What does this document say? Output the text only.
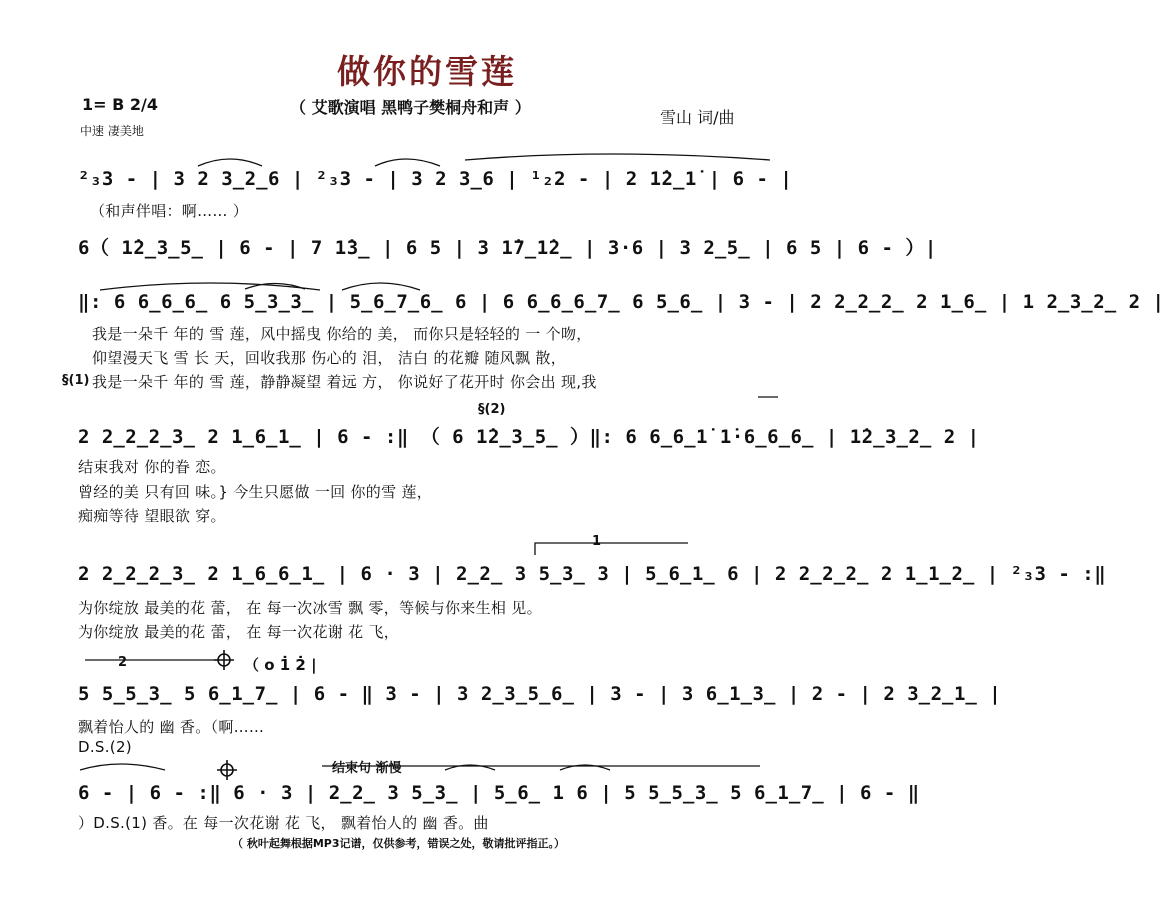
做你的雪莲
（ 艾歌演唱 黑鸭子樊桐舟和声 ）
1= B 2/4
中速 凄美地
雪山 词/曲
²₃3 - | 3 2 3̲2̲6 | ²₃3 - | 3 2 3̲6 | ¹₂2 - | 2 1̇2̲1̇ | 6 - |
（和声伴唱：啊…… ）
6（ 1̇2̲3̲5̲ | 6 - | 7 1̇3̲ | 6 5 | 3 1̇7̲1̇2̲ | 3·6 | 3 2̲5̲ | 6 5 | 6 - ）|
‖: 6 6̲6̲6̲ 6 5̲3̲3̲ | 5̲6̲7̲6̲ 6 | 6 6̲6̲6̲7̲ 6 5̲6̲ | 3 - | 2 2̲2̲2̲ 2 1̲6̲ | 1 2̲3̲2̲ 2 |
我是一朵千 年的 雪 莲，风中摇曳 你给的 美， 而你只是轻轻的 一 个吻，
仰望漫天飞 雪 长 天，回收我那 伤心的 泪， 洁白 的花瓣 随风飘 散，
我是一朵千 年的 雪 莲，静静凝望 着远 方， 你说好了花开时 你会出 现,我
§(1)
§(2)
2 2̲2̲2̲3̲ 2 1̲6̲1̲ | 6 - :‖ （ 6 1̇2̲3̲5̲ ）‖: 6 6̲6̲1̇ 1̇·6̲6̲6̲ | 1̇2̲3̲2̲ 2 |
结束我对 你的眷 恋。
曾经的美 只有回 味。} 今生只愿做 一回 你的雪 莲，
痴痴等待 望眼欲 穿。
1
2 2̲2̲2̲3̲ 2 1̲6̲6̲1̲ | 6 · 3 | 2̲2̲ 3 5̲3̲ 3 | 5̲6̲1̲ 6 | 2 2̲2̲2̲ 2 1̲1̲2̲ | ²₃3 - :‖
为你绽放 最美的花 蕾， 在 每一次冰雪 飘 零，等候与你来生相 见。
为你绽放 最美的花 蕾， 在 每一次花谢 花 飞，
2	（ o 1̇ 2̇ |
5 5̲5̲3̲ 5 6̲1̲7̲ | 6 - ‖ 3 - | 3 2̲3̲5̲6̲ | 3 - | 3 6̲1̲3̲ | 2 - | 2 3̲2̲1̲ |
飘着怡人的 幽 香。（啊……
D.S.(2)
结束句 渐慢
6 - | 6 - :‖ 6 · 3 | 2̲2̲ 3 5̲3̲ | 5̲6̲ 1 6 | 5 5̲5̲3̲ 5 6̲1̲7̲ | 6 - ‖
）D.S.(1) 香。在 每一次花谢 花 飞， 飘着怡人的 幽 香。曲
（ 秋叶起舞根据MP3记谱，仅供参考，错误之处，敬请批评指正。）
